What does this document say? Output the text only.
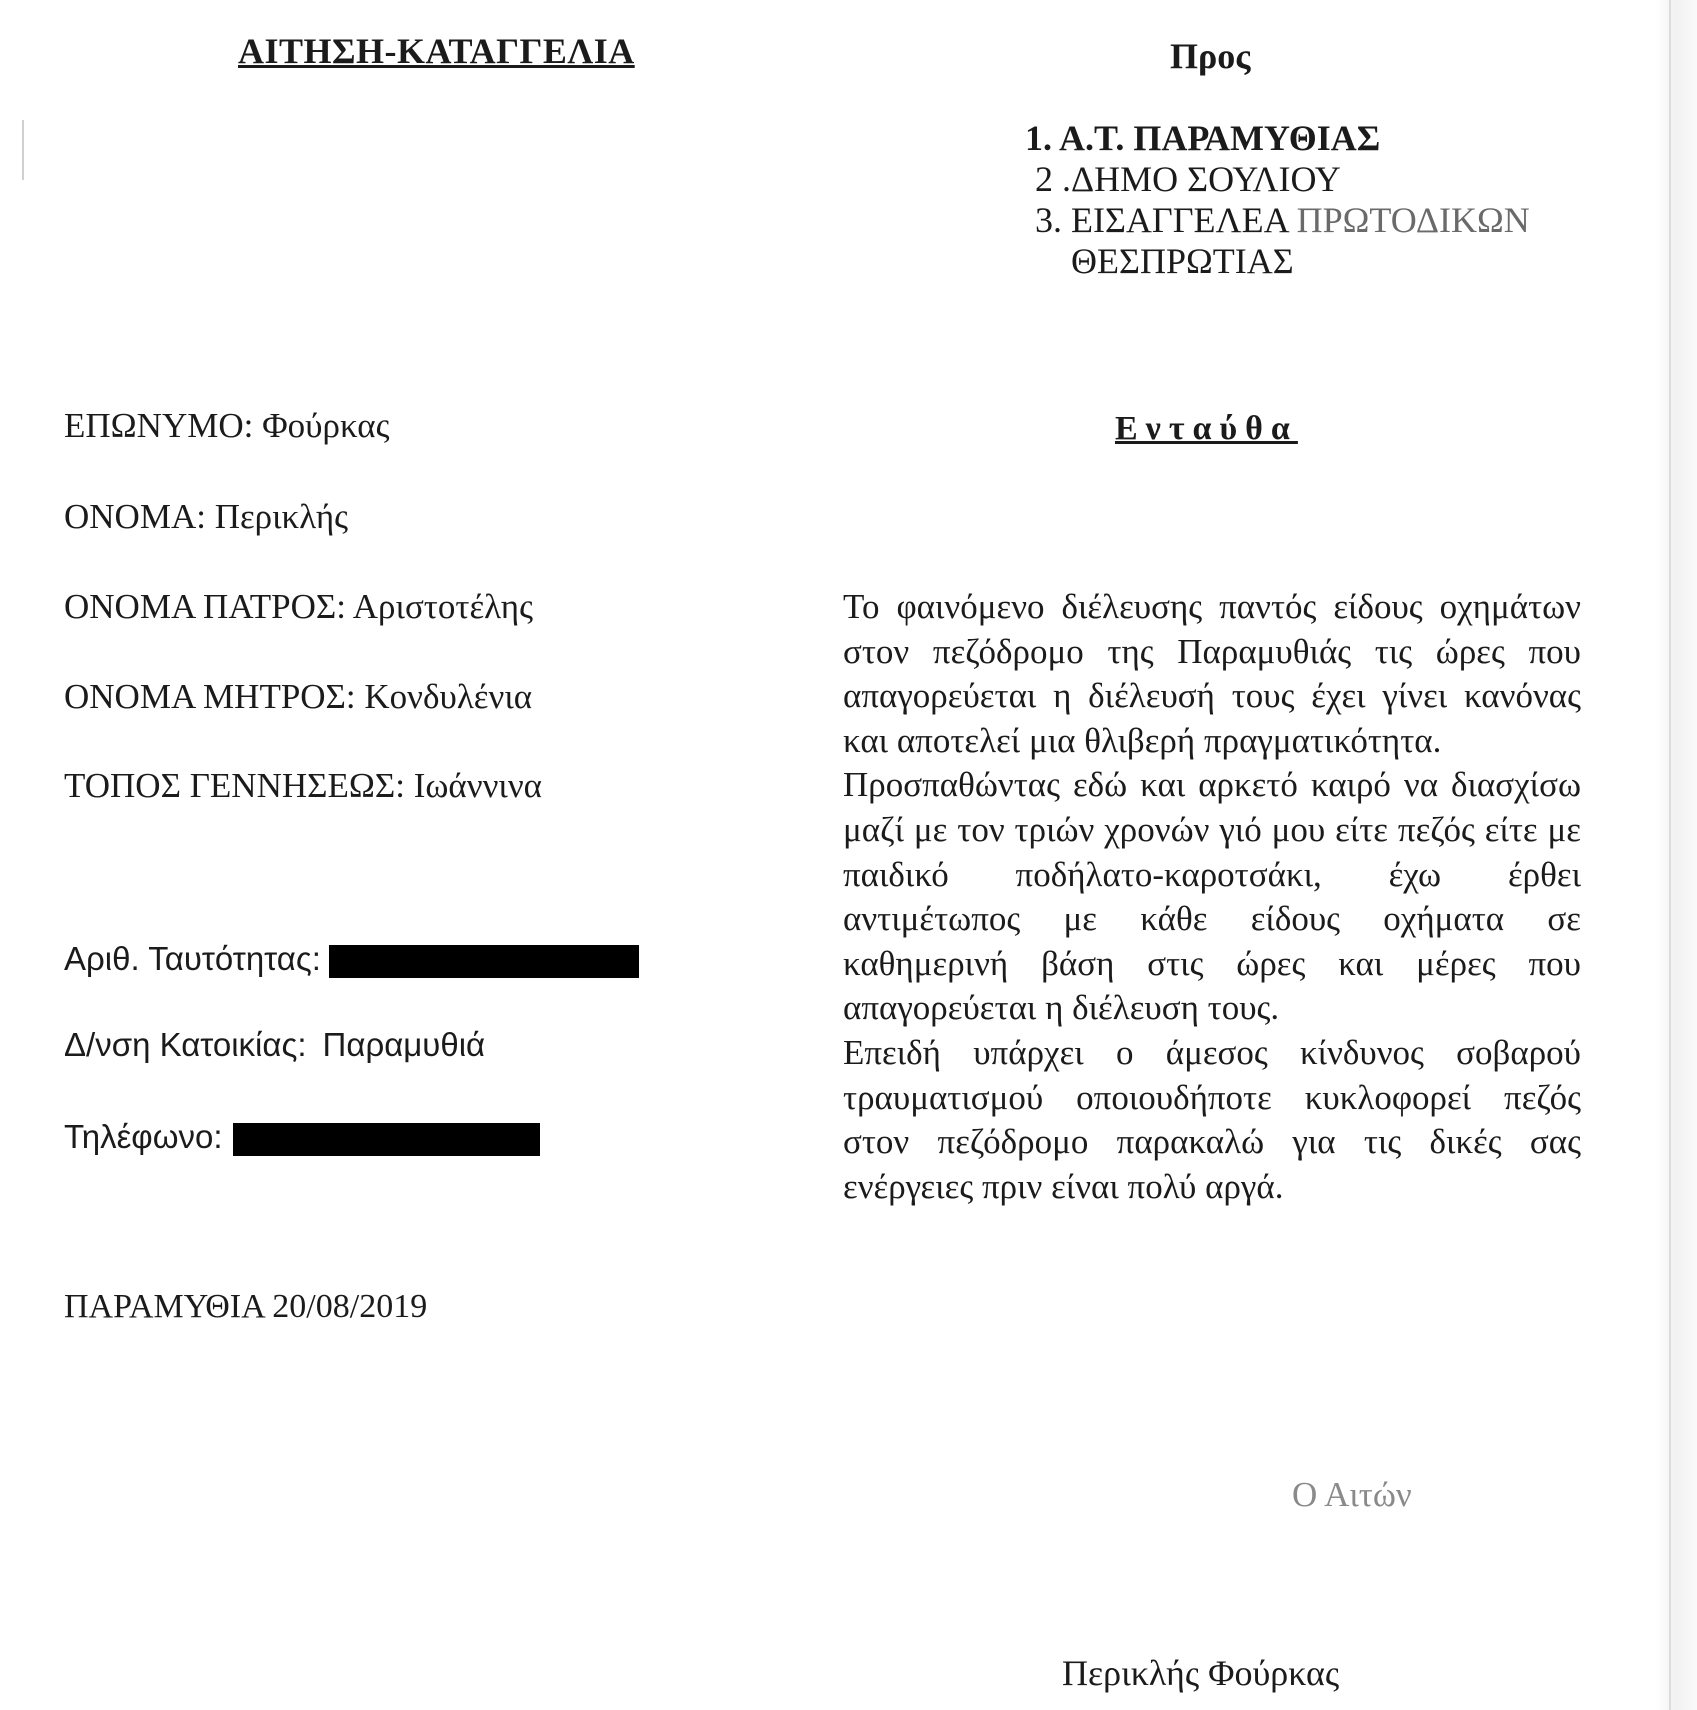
ΑΙΤΗΣΗ-ΚΑΤΑΓΓΕΛΙΑ	Προς
1. Α.Τ. ΠΑΡΑΜΥΘΙΑΣ
2 .ΔΗΜΟ ΣΟΥΛΙΟΥ
3. ΕΙΣΑΓΓΕΛΕΑ ΠΡΩΤΟΔΙΚΩΝ
ΘΕΣΠΡΩΤΙΑΣ
ΕΠΩΝΥΜΟ: Φούρκας
ΟΝΟΜΑ: Περικλής
ΟΝΟΜΑ ΠΑΤΡΟΣ: Αριστοτέλης
ΟΝΟΜΑ ΜΗΤΡΟΣ: Κονδυλένια
ΤΟΠΟΣ ΓΕΝΝΗΣΕΩΣ: Ιωάννινα
Αριθ. Ταυτότητας:
Δ/νση Κατοικίας: Παραμυθιά
Τηλέφωνο:
ΠΑΡΑΜΥΘΙΑ 20/08/2019
Ενταύθα

Το φαινόμενο διέλευσης παντός είδους οχημάτων στον πεζόδρομο της Παραμυθιάς τις ώρες που απαγορεύεται η διέλευσή τους έχει γίνει κανόνας και αποτελεί μια θλιβερή πραγματικότητα.

Προσπαθώντας εδώ και αρκετό καιρό να διασχίσω μαζί με τον τριών χρονών γιό μου είτε πεζός είτε με παιδικό ποδήλατο-καροτσάκι, έχω έρθει αντιμέτωπος με κάθε είδους οχήματα σε καθημερινή βάση στις ώρες και μέρες που απαγορεύεται η διέλευση τους.

Επειδή υπάρχει ο άμεσος κίνδυνος σοβαρού τραυματισμού οποιουδήποτε κυκλοφορεί πεζός στον πεζόδρομο παρακαλώ για τις δικές σας ενέργειες πριν είναι πολύ αργά.

Ο Αιτών
Περικλής Φούρκας
